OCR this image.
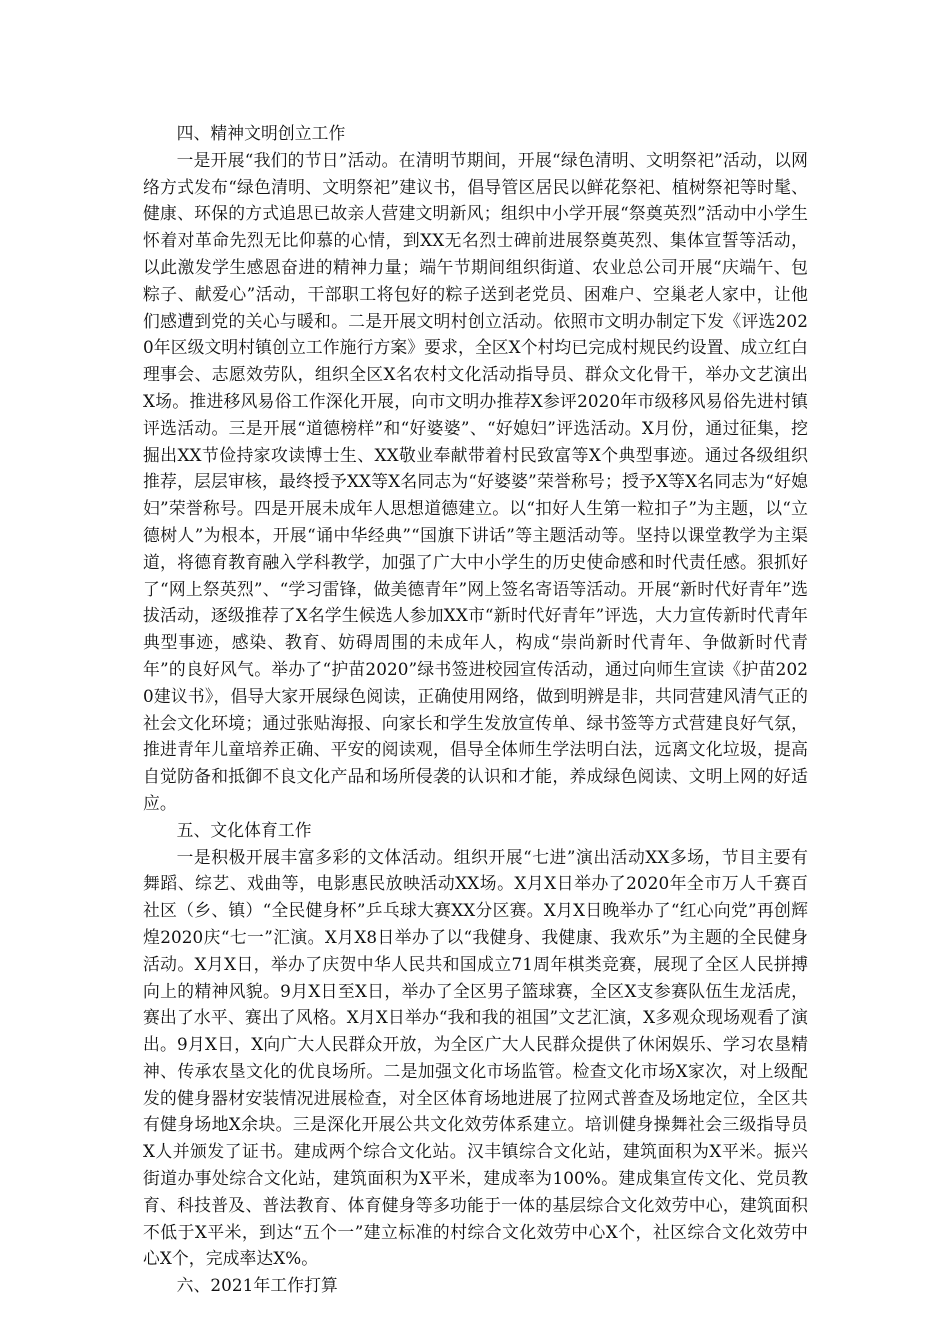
四、精神文明创立工作

一是开展“我们的节日”活动。在清明节期间，开展“绿色清明、文明祭祀”活动，以网络方式发布“绿色清明、文明祭祀”建议书，倡导管区居民以鲜花祭祀、植树祭祀等时髦、健康、环保的方式追思已故亲人营建文明新风；组织中小学开展“祭奠英烈”活动中小学生怀着对革命先烈无比仰慕的心情，到XX无名烈士碑前进展祭奠英烈、集体宣誓等活动，以此激发学生感恩奋进的精神力量；端午节期间组织街道、农业总公司开展“庆端午、包粽子、献爱心”活动，干部职工将包好的粽子送到老党员、困难户、空巢老人家中，让他们感遭到党的关心与暖和。二是开展文明村创立活动。依照市文明办制定下发《评选2020年区级文明村镇创立工作施行方案》要求，全区X个村均已完成村规民约设置、成立红白理事会、志愿效劳队，组织全区X名农村文化活动指导员、群众文化骨干，举办文艺演出X场。推进移风易俗工作深化开展，向市文明办推荐X参评2020年市级移风易俗先进村镇评选活动。三是开展“道德榜样”和“好婆婆”、“好媳妇”评选活动。X月份，通过征集，挖掘出XX节俭持家攻读博士生、XX敬业奉献带着村民致富等X个典型事迹。通过各级组织推荐，层层审核，最终授予XX等X名同志为“好婆婆”荣誉称号；授予X等X名同志为“好媳妇”荣誉称号。四是开展未成年人思想道德建立。以“扣好人生第一粒扣子”为主题，以“立德树人”为根本，开展“诵中华经典”“国旗下讲话”等主题活动等。坚持以课堂教学为主渠道，将德育教育融入学科教学，加强了广大中小学生的历史使命感和时代责任感。狠抓好了“网上祭英烈”、“学习雷锋，做美德青年”网上签名寄语等活动。开展“新时代好青年”选拔活动，逐级推荐了X名学生候选人参加XX市“新时代好青年”评选，大力宣传新时代青年典型事迹，感染、教育、妨碍周围的未成年人，构成“崇尚新时代青年、争做新时代青年”的良好风气。举办了“护苗2020”绿书签进校园宣传活动，通过向师生宣读《护苗2020建议书》，倡导大家开展绿色阅读，正确使用网络，做到明辨是非，共同营建风清气正的社会文化环境；通过张贴海报、向家长和学生发放宣传单、绿书签等方式营建良好气氛，推进青年儿童培养正确、平安的阅读观，倡导全体师生学法明白法，远离文化垃圾，提高自觉防备和抵御不良文化产品和场所侵袭的认识和才能，养成绿色阅读、文明上网的好适应。

五、文化体育工作

一是积极开展丰富多彩的文体活动。组织开展“七进”演出活动XX多场，节目主要有舞蹈、综艺、戏曲等，电影惠民放映活动XX场。X月X日举办了2020年全市万人千赛百社区（乡、镇）“全民健身杯”乒乓球大赛XX分区赛。X月X日晚举办了“红心向党”再创辉煌2020庆“七一”汇演。X月X8日举办了以“我健身、我健康、我欢乐”为主题的全民健身活动。X月X日，举办了庆贺中华人民共和国成立71周年棋类竞赛，展现了全区人民拼搏向上的精神风貌。9月X日至X日，举办了全区男子篮球赛，全区X支参赛队伍生龙活虎，赛出了水平、赛出了风格。X月X日举办“我和我的祖国”文艺汇演，X多观众现场观看了演出。9月X日，X向广大人民群众开放，为全区广大人民群众提供了休闲娱乐、学习农垦精神、传承农垦文化的优良场所。二是加强文化市场监管。检查文化市场X家次，对上级配发的健身器材安装情况进展检查，对全区体育场地进展了拉网式普查及场地定位，全区共有健身场地X余块。三是深化开展公共文化效劳体系建立。培训健身操舞社会三级指导员X人并颁发了证书。建成两个综合文化站。汉丰镇综合文化站，建筑面积为X平米。振兴街道办事处综合文化站，建筑面积为X平米，建成率为100%。建成集宣传文化、党员教育、科技普及、普法教育、体育健身等多功能于一体的基层综合文化效劳中心，建筑面积不低于X平米，到达“五个一”建立标准的村综合文化效劳中心X个，社区综合文化效劳中心X个，完成率达X%。

六、2021年工作打算
